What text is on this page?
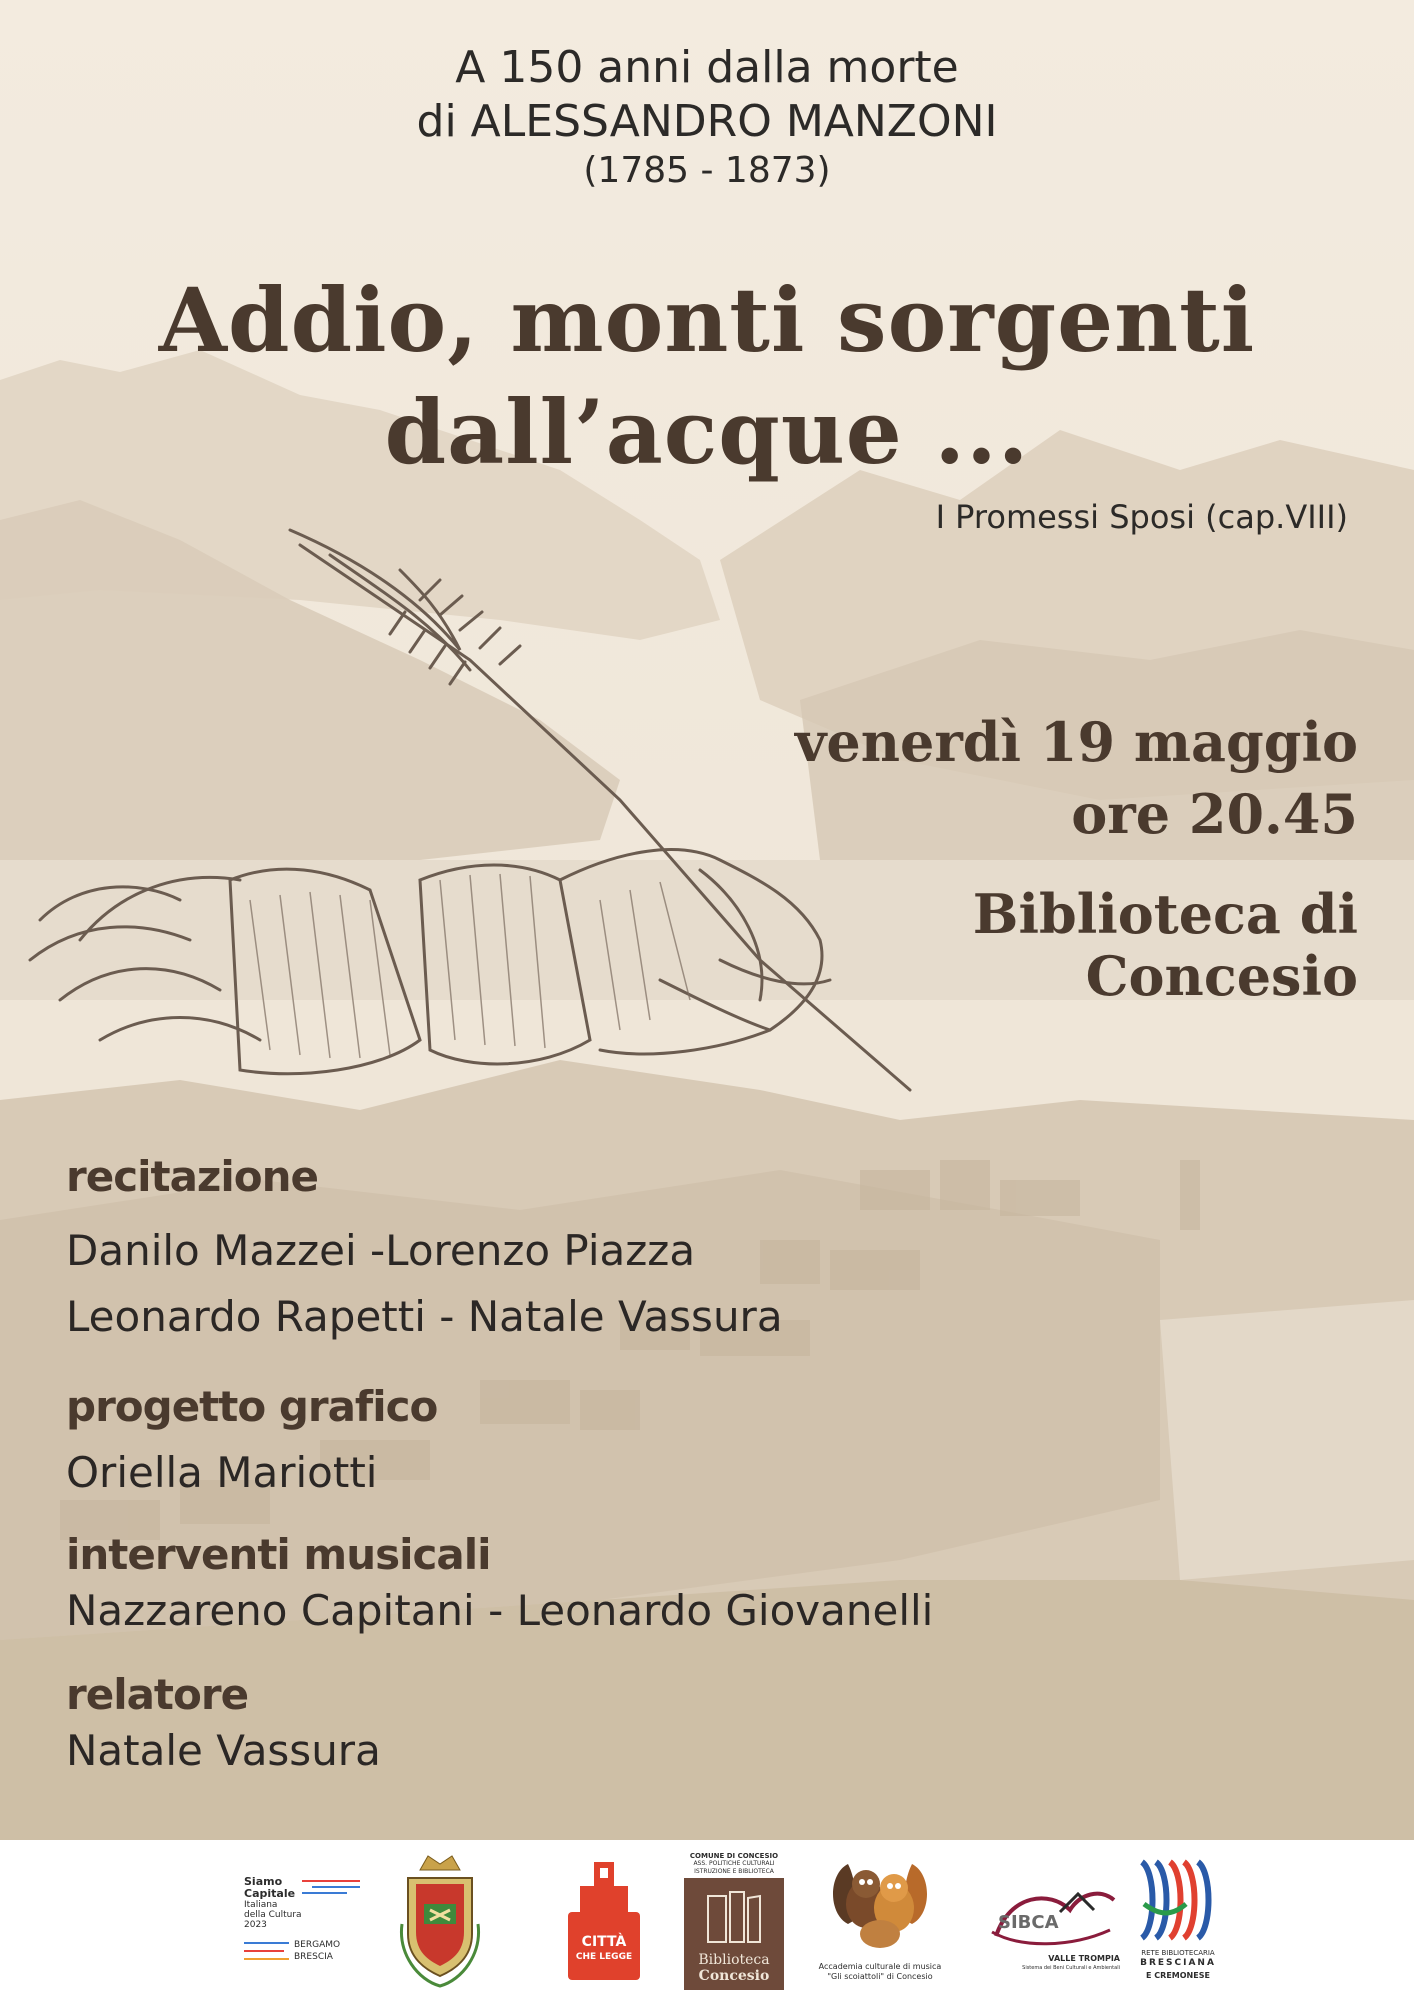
A 150 anni dalla morte
di ALESSANDRO MANZONI
(1785 - 1873)
Addio, monti sorgenti
dall’acque ...
I Promessi Sposi (cap.VIII)
venerdì 19 maggio
ore 20.45
Biblioteca di
Concesio
recitazione
Danilo Mazzei -Lorenzo Piazza
Leonardo Rapetti - Natale Vassura
progetto grafico
Oriella Mariotti
interventi musicali
Nazzareno Capitani - Leonardo Giovanelli
relatore
Natale Vassura
Siamo
Capitale
Italiana
della Cultura
2023
BERGAMO
BRESCIA
CITTÀ
CHE LEGGE
COMUNE DI CONCESIO
ASS. POLITICHE CULTURALI
ISTRUZIONE E BIBLIOTECA
Biblioteca
Concesio
Accademia culturale di musica
"Gli scoiattoli" di Concesio
SIBCA
VALLE TROMPIA
Sistema dei Beni Culturali e Ambientali
RETE BIBLIOTECARIA
BRESCIANA
E CREMONESE
